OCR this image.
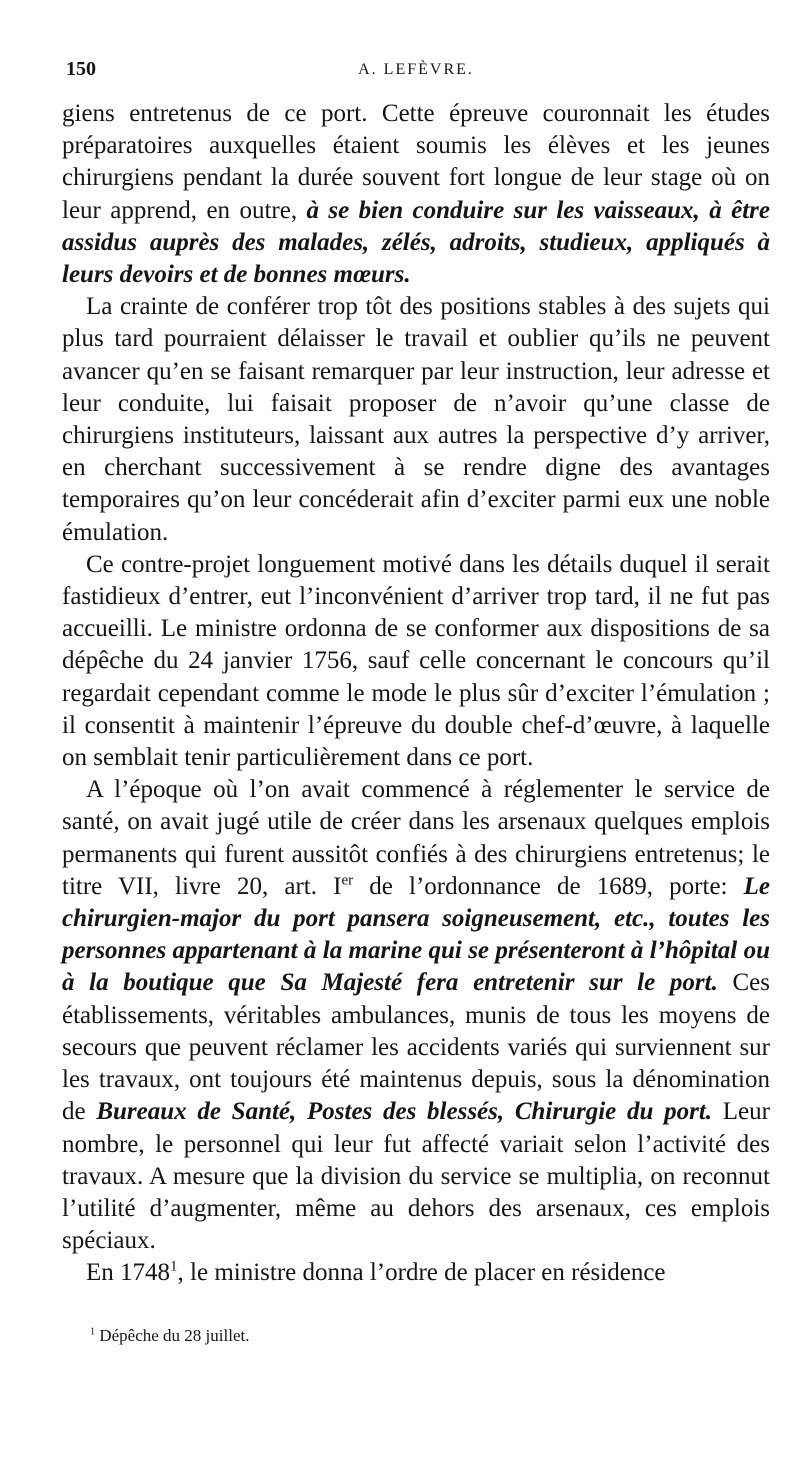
150	A. LEFÈVRE.

giens entretenus de ce port. Cette épreuve couronnait les études préparatoires auxquelles étaient soumis les élèves et les jeunes chirurgiens pendant la durée souvent fort longue de leur stage où on leur apprend, en outre, à se bien conduire sur les vaisseaux, à être assidus auprès des malades, zélés, adroits, studieux, appliqués à leurs devoirs et de bonnes mœurs.

La crainte de conférer trop tôt des positions stables à des sujets qui plus tard pourraient délaisser le travail et oublier qu’ils ne peuvent avancer qu’en se faisant remarquer par leur instruction, leur adresse et leur conduite, lui faisait proposer de n’avoir qu’une classe de chirurgiens instituteurs, laissant aux autres la perspective d’y arriver, en cherchant successivement à se rendre digne des avantages temporaires qu’on leur concéderait afin d’exciter parmi eux une noble émulation.

Ce contre-projet longuement motivé dans les détails duquel il serait fastidieux d’entrer, eut l’inconvénient d’arriver trop tard, il ne fut pas accueilli. Le ministre ordonna de se conformer aux dispositions de sa dépêche du 24 janvier 1756, sauf celle concernant le concours qu’il regardait cependant comme le mode le plus sûr d’exciter l’émulation ; il consentit à maintenir l’épreuve du double chef-d’œuvre, à laquelle on semblait tenir particulièrement dans ce port.

A l’époque où l’on avait commencé à réglementer le service de santé, on avait jugé utile de créer dans les arsenaux quelques emplois permanents qui furent aussitôt confiés à des chirurgiens entretenus; le titre VII, livre 20, art. Ier de l’ordonnance de 1689, porte: Le chirurgien-major du port pansera soigneusement, etc., toutes les personnes appartenant à la marine qui se présenteront à l’hôpital ou à la boutique que Sa Majesté fera entretenir sur le port. Ces établissements, véritables ambulances, munis de tous les moyens de secours que peuvent réclamer les accidents variés qui surviennent sur les travaux, ont toujours été maintenus depuis, sous la dénomination de Bureaux de Santé, Postes des blessés, Chirurgie du port. Leur nombre, le personnel qui leur fut affecté variait selon l’activité des travaux. A mesure que la division du service se multiplia, on reconnut l’utilité d’augmenter, même au dehors des arsenaux, ces emplois spéciaux.

En 1748$^1$, le ministre donna l’ordre de placer en résidence

$^1$ Dépêche du 28 juillet.
